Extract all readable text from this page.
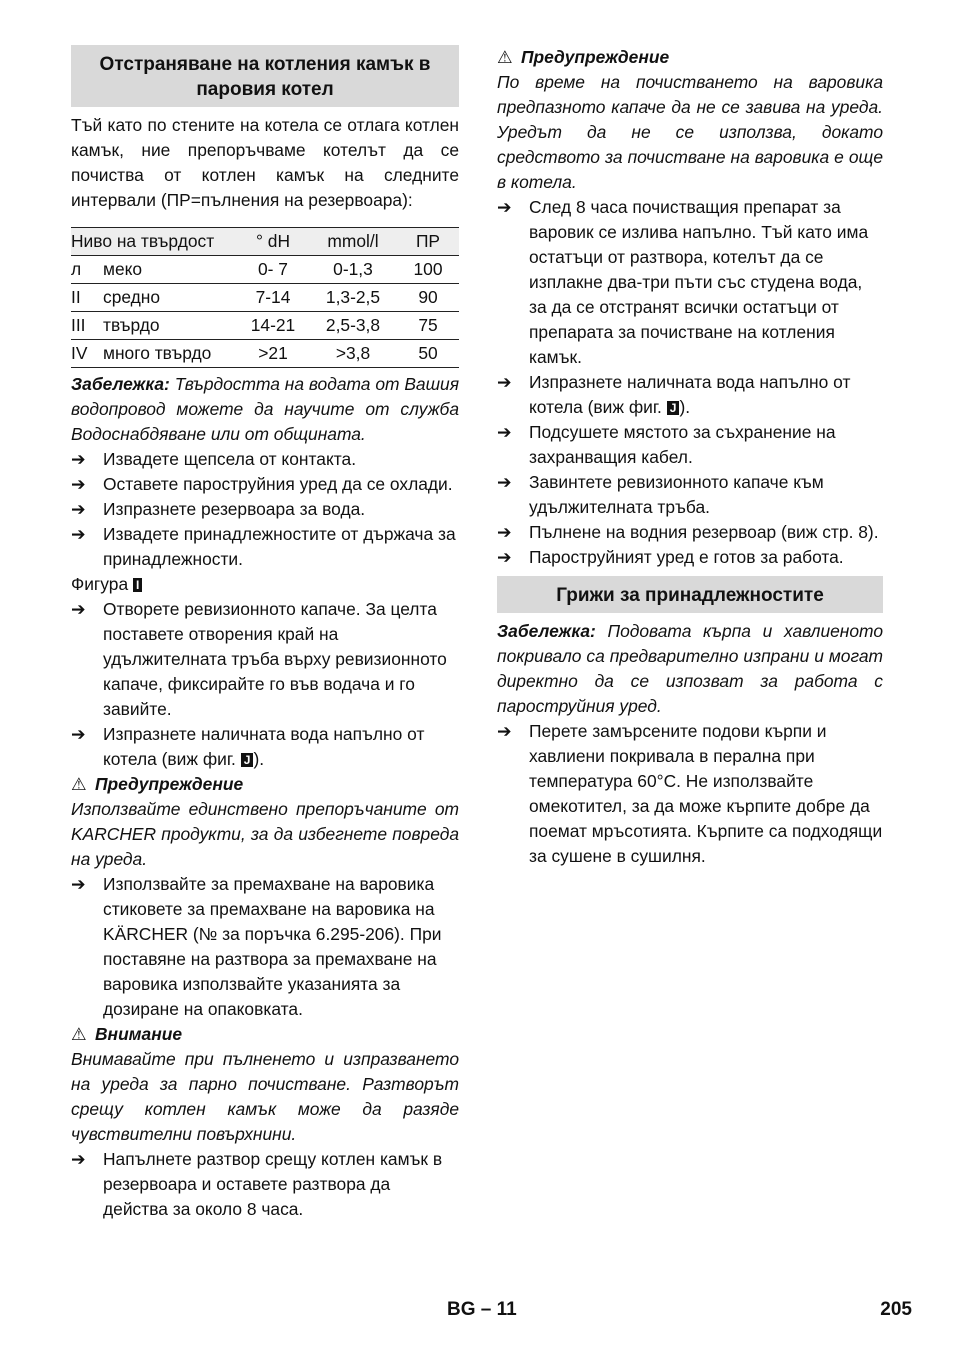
Отстраняване на котления камък в паровия котел
Тъй като по стените на котела се отлага котлен камък, ние препоръчваме котелът да се почиства от котлен камък на следните интервали (ПР=пълнения на резервоара):
Ниво на твърдост		° dH	mmol/l	ПР
л	меко	0- 7	0-1,3	100
II	средно	7-14	1,3-2,5	90
III	твърдо	14-21	2,5-3,8	75
IV	много твърдо	>21	>3,8	50
Забележка: Твърдостта на водата от Вашия водопровод можете да научите от служба Водоснабдяване или от общината.
➔ Извадете щепсела от контакта.
➔ Оставете пароструйния уред да се охлади.
➔ Изпразнете резервоара за вода.
➔ Извадете принадлежностите от държача за принадлежности.
Фигура I
➔ Отворете ревизионното капаче. За целта поставете отворения край на удължителната тръба върху ревизионното капаче, фиксирайте го във водача и го завийте.
➔ Изпразнете наличната вода напълно от котела (виж фиг. J ).
⚠ Предупреждение
Използвайте единствено препоръчаните от KARCHER продукти, за да избегнете повреда на уреда.
➔ Използвайте за премахване на варовика стиковете за премахване на варовика на KÄRCHER (№ за поръчка 6.295-206). При поставяне на разтвора за премахване на варовика използвайте указанията за дозиране на опаковката.
⚠ Внимание
Внимавайте при пълненето и изпразването на уреда за парно почистване. Разтворът срещу котлен камък може да разяде чувствителни повърхнини.
➔ Напълнете разтвор срещу котлен камък в резервоара и оставете разтвора да действа за около 8 часа.
⚠ Предупреждение
По време на почистването на варовика предпазното капаче да не се завива на уреда. Уредът да не се използва, докато средството за почистване на варовика е още в котела.
➔ След 8 часа почистващия препарат за варовик се излива напълно. Тъй като има остатъци от разтвора, котелът да се изплакне два-три пъти със студена вода, за да се отстранят всички остатъци от препарата за почистване на котления камък.
➔ Изпразнете наличната вода напълно от котела (виж фиг. J ).
➔ Подсушете мястото за съхранение на захранващия кабел.
➔ Завинтете ревизионното капаче към удължителната тръба.
➔ Пълнене на водния резервоар (виж стр. 8).
➔ Пароструйният уред е готов за работа.
Грижи за принадлежностите
Забележка: Подовата кърпа и хавлиеното покривало са предварително изпрани и могат директно да се изпозват за работа с пароструйния уред.
➔ Перете замърсените подови кърпи и хавлиени покривала в перална при температура 60°C. Не използвайте омекотител, за да може кърпите добре да поемат мръсотията. Кърпите са подходящи за сушене в сушилня.
BG – 11	205
